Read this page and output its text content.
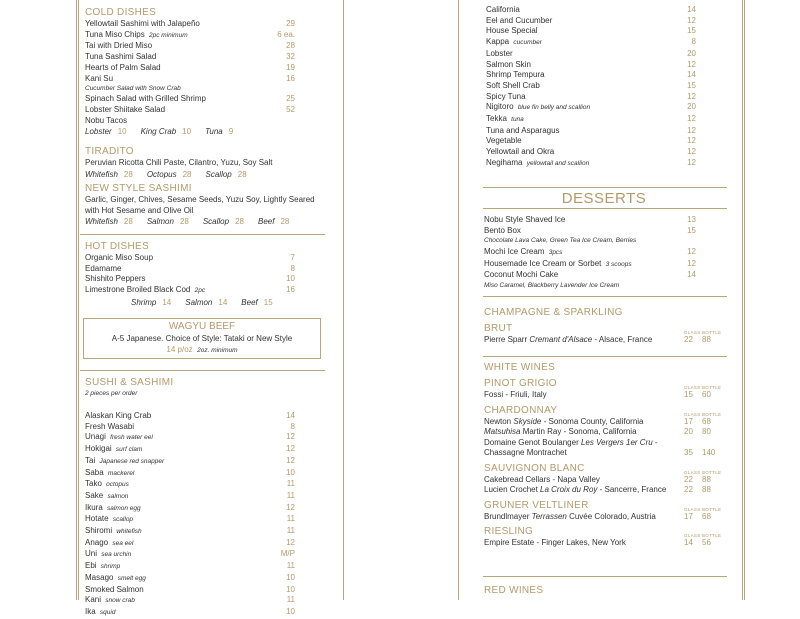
COLD DISHES
Yellowtail Sashimi with Jalapeño	29
Tuna Miso Chips 2pc minimum	6 ea.
Tai with Dried Miso	28
Tuna Sashimi Salad	32
Hearts of Palm Salad	19
Kani Su	16
Cucumber Salad with Snow Crab
Spinach Salad with Grilled Shrimp	25
Lobster Shiitake Salad	52
Nobu Tacos
Lobster 10 King Crab 10 Tuna 9
TIRADITO
Peruvian Ricotta Chili Paste, Cilantro, Yuzu, Soy Salt
Whitefish 28 Octopus 28 Scallop 28
NEW STYLE SASHIMI
Garlic, Ginger, Chives, Sesame Seeds, Yuzu Soy, Lightly Seared
with Hot Sesame and Olive Oil
Whitefish 28 Salmon 28 Scallop 28 Beef 28
HOT DISHES
Organic Miso Soup	7
Edamame	8
Shishito Peppers	10
Limestrone Broiled Black Cod 2pc	16
Shrimp 14 Salmon 14 Beef 15
WAGYU BEEF
A-5 Japanese. Choice of Style: Tataki or New Style
14 p/oz 2oz. minimum
SUSHI & SASHIMI
2 pieces per order
Alaskan King Crab	14
Fresh Wasabi	8
Unagi fresh water eel	12
Hokigai surf clam	12
Tai Japanese red snapper	12
Saba mackerel	10
Tako octopus	11
Sake salmon	11
Ikura salmon egg	12
Hotate scallop	11
Shiromi whitefish	11
Anago sea eel	12
Uni sea urchin	M/P
Ebi shrimp	11
Masago smelt egg	10
Smoked Salmon	10
Kani snow crab	11
Ika squid	10
California	14
Eel and Cucumber	12
House Special	15
Kappa cucumber	8
Lobster	20
Salmon Skin	12
Shrimp Tempura	14
Soft Shell Crab	15
Spicy Tuna	12
Nigitoro blue fin belly and scallion	20
Tekka tuna	12
Tuna and Asparagus	12
Vegetable	12
Yellowtail and Okra	12
Negihama yellowtail and scallion	12
DESSERTS
Nobu Style Shaved Ice	13
Bento Box	15
Chocolate Lava Cake, Green Tea Ice Cream, Berries
Mochi Ice Cream 3pcs	12
Housemade Ice Cream or Sorbet 3 scoops	12
Coconut Mochi Cake	14
Miso Caramel, Blackberry Lavender Ice Cream
CHAMPAGNE & SPARKLING
BRUT	GLASS BOTTLE
Pierre Sparr Cremant d'Alsace - Alsace, France	22	88
WHITE WINES
PINOT GRIGIO	GLASS BOTTLE
Fossi - Friuli, Italy	15	60
CHARDONNAY	GLASS BOTTLE
Newton Skyside - Sonoma County, California	17	68
Matsuhisa Martin Ray - Sonoma, California	20	80
Domaine Genot Boulanger Les Vergers 1er Cru -
Chassagne Montrachet	35	140
SAUVIGNON BLANC	GLASS BOTTLE
Cakebread Cellars - Napa Valley	22	88
Lucien Crochet La Croix du Roy - Sancerre, France	22	88
GRUNER VELTLINER	GLASS BOTTLE
Brundlmayer Terrassen Cuvée Colorado, Austria	17	68
RIESLING	GLASS BOTTLE
Empire Estate - Finger Lakes, New York	14	56
RED WINES
